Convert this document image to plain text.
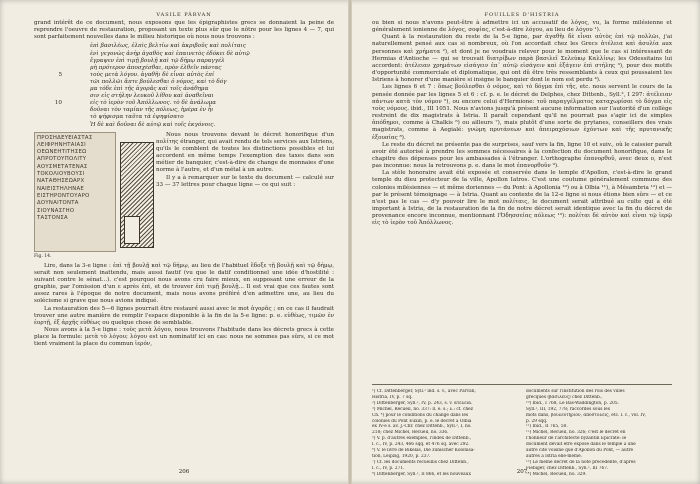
VASILE PÂRVAN

grand intérêt de ce document, nous exposons que les épigraphistes grecs se donnaient la peine de reprendre l'oeuvre de restauration, proposant un texte plus sûr que le nôtre pour les lignes 4 — 7, qui sont parfaitement nouvelles dans le milieu historique où nous nous trouvons :

ἐπὶ βασιλέως, ἐλπὶς βελτίω καὶ ἀκριβοῦς καὶ πολίταις
ἑνὶ γεγονὼς ἀνὴρ ἀγαθὸς καὶ ἐπαινετὸς ἐδόκει δὲ αὐτῷ
ἔγραψεν ἐπὶ τιμῇ βουλῇ καὶ τῷ δήμῳ παραγγέλ
μὴ πρότερον ἀποσχέσθαι, πρὸν ἐλθεῖν πάντας
5	τοὺς μετὰ λόγου. ἀγαθῆι δὲ εἶναι αὐτὸς ἐπί
τῶι πολλῶι ἄπτε βούλεσθαι ὁ νόμος, καὶ τὸ δόγ
μα τόδε ἐπὶ τῆς ἀγορᾶς καὶ τοῖς ἀνάθημα
σιν εἰς στήλην λευκοῦ λίθου καὶ ἀναθεῖναι
10	εἰς τὸ ἱερὸν τοῦ Ἀπόλλωνος. τὸ δὲ ἀνάλωμα
δοῦναι τὸν ταμίαν τῆς πόλεως, ἡμέρα ἐν ἧι
τὸ ψήφισμα ταῦτα τὰ ἐψηφίσατο
Ἡ δὲ καὶ δοῦναι δὲ αὐτῷ καὶ τοῖς ἐκγόνοις.
ΠΡΟΣΗΔΕΥΕΙΑΣΤΑΣ
ΛΕΙΦΡΗΝΗΤΑΙΑΣΙ
ΟΕΩΝΕΗΤΙΤΗΣΕΩ
ΑΠΡΟΤΟΥΠΟΛΙΤΥ
ΑΟΥΣΜΕΤΑΤΕΝΑΣ
ΤΟΚΟΛΙΟΥΒΟΥΣΙ
ΝΑΤΑΘΗΣΕΩΑΡΧ
ΝΑΙΕΙΣΤΗΛΗΝΑΕ
ΕΙΣΤΗΡΟΝΤΟΥΑΡΟ
ΔΟΥΝΑΙΤΟΝΤΑ
ΣΙΟΥΝΑΣΓΗΟ
ΤΑΣΤΟΝΣΑ
Fig. 14.

Nous nous trouvons devant le décret honorifique d'un πολίτης étranger, qui avait rendu de tels services aux Istriens, qu'ils le comblent de toutes les distinctions possibles et lui accordent en même temps l'exemption des taxes dans son métier de banquier, c'est-à-dire de change de monnaies d'une norme à l'autre, et d'un métal à un autre.

Il y a à remarquer sur le texte du document — calculé sur 33 — 37 lettres pour chaque ligne — ce qui suit :

Lire, dans la 3-e ligne : ἐπὶ τῇ βουλῇ καὶ τῷ δήμῳ, au lieu de l'habituel ἔδοξε τῇ βουλῇ καὶ τῷ δήμῳ, serait non seulement inattendu, mais aussi fautif (vu que le datif conditionnel une idée d'hostilité : suivant contre le sénat...). c'est pourquoi nous avons cru faire mieux, en supposant une erreur de la graphie, par l'omission d'un ε après ἐπὶ, et de trouver ἐπὶ τιμῇ βουλῇ... Il est vrai que ces fautes sont assez rares à l'époque de notre document, mais nous avons préféré d'en admettre une, au lieu du solécisme si grave que nous avions indiqué.

La restauration des 5—6 lignes pourrait être restauré aussi avec le mot ἀγορᾶς ; en ce cas il faudrait trouver une autre manière de remplir l'espace disponible à la fin de la 5-e ligne: p. e. εὐθέως, τιμῶν ἐν ἑορτῇ, ἐξ ἀρχῆς εὐθέως ou quelque chose de semblable.

Nous avons à la 5-e ligne : τοὺς μετὰ λόγου, nous trouvons l'habitude dans les décrets grecs à cette place la formule: μετὰ τὸ λόγου; λόγου est un nominatif ici en cas: nous ne sommes pas sûrs, si ce mot tient vraiment la place du commun ἱερόν,

206
FOUILLES D'HISTRIA

ou bien si nous n'avons peut-être à admettre ici un accusatif de λόγος, vu, la forme milésienne et généralement ionienne de λόγος, σοφίας, c'est-à-dire λόγου, au lieu de λόγου ¹).

Quant à la restauration du reste de la 5-e ligne, par ἀγαθῆι δὲ εἶναι αὐτὸς ἐπὶ τῷ πολλῶι, j'ai naturellement pensé aux cas si nombreux, où l'on accordait chez les Grecs ἀτέλεια καὶ ἀσυλία aux personnes καὶ χρήματα ²), et dont je ne voudrais relever pour le moment que le cas si intéressant de Hermias d'Antioche — qui se trouvait διατρίβων παρὰ βασιλεῖ Σελεύκῳ Καλλίνῳ; les Odessitains lui accordent: ἀτέλειαν χρημάτων εἰσάγειν ἐπ᾽ αὐτῷ εἰσάγειν καὶ ἐξάγειν ἐπὶ στήλης ³), pour des motifs d'opportunité commerciale et diplomatique, qui ont dû être très ressemblants à ceux qui poussaient les Istriens à honorer d'une manière si insigne le banquier dont le nom est perdu ⁴).

Les lignes 6 et 7 : ὅπως βούλεσθαι ὁ νόμος, καὶ τὸ δόγμα ἐπὶ τῆς, etc. nous servent le cours de la pensée donnée par les lignes 5 et 6 : cf. p. e. le décret de Delphes, chez Dittenb., Syll.², I 297: ἀτέλειαν πάντων κατὰ τὸν νόμον ⁵), ou encore celui d'Hermione: τοῦ παραγγέλματος καταχωρίσαι τὸ δόγμα εἰς τοὺς νόμους. ibid., III 1051. Nous n'avions jusqu'à présent aucune information sur l'autorité d'un collège restreint de dix magistrats à Istria. Il paraît cependant qu'il ne pourrait pas s'agir ici de simples ἀπόδημοι, comme à Chalkis ⁶) ou ailleurs ⁷), mais plutôt d'une sorte de prytanes, conseillers des vrais magistrats, comme à Aegialé: γνώμη πρυτάνεων καὶ ἀπειραχόσιων ἐχόντων καὶ τῆς πρυτανικῆς ἐξουσίας ⁸).

Le reste du décret ne présente pas de surprises, sauf vers la fin, ligne 10 et suiv., où le caissier paraît avoir été autorisé à prendre les sommes nécessaires à la confection du document honorifique, dans le chapitre des dépenses pour les ambassades à l'étranger. L'orthographe ἐπανορθοῦ, avec deux ο, n'est pas inconnue: nous la retrouvons p. e. dans le mot ἐπανορθοῦν ⁹).

La stèle honoraire avait été exposée et conservée dans le temple d'Apollon, c'est-à-dire le grand temple du dieu protecteur de la ville, Apollon Iatros. C'est une coutume généralement commune des colonies milésiennes — et même doriennes — du Pont: à Apollonia ¹⁰) ou à Olbia ¹¹), à Mésambria ¹²) et — par le présent témoignage — à Istria. Quant au contexte de la 12-e ligne si nous étions bien sûrs — et ce n'est pas le cas — d'y pouvoir lire le mot πολίταις, le document serait attribué au culte qui a été important à Istria, de la restauration de la fin de notre décret serait identique avec la fin du décret de provenance encore inconnue, mentionnant l'Ὀδησσείας πόλεως ¹³): πολίται δὲ αὐτὸν καὶ εἶναι τῷ ἱερῷ εἰς τὸ ἱερὸν τοῦ Ἀπόλλωνος.

¹) Cf. Dittenberger, Syll.² ind. s. v., avec Părvan,
Histria, IV, p. 7 sq.
²) Dittenberger, Syll.², IV, p. 243, s. v. ἀτέλεια.
³) Michel, Recueil, no. 337: ll. e. s.; λ.: cf. chez
Ch. ⁴) pour le conditions du change dans les
colonies du Pont Euxin, p. e. le décret à Olbia
ex IV-e s. av. J.-Chr. chez Dittenb., Syll.², I, no.
218; chez Michel, Recueil, no. 336.
⁵) V. p. d'autres exemples, l'index de Dittenb.,
l. c., IV, p. 243, 466 sqq. et 476 sq. avec 292.
⁶) V. le livre de Bikélas, Die zunischer Kolonisa-
tion, Leipzig, 1920, p. 237.
⁷) Cf. les documents recueillis chez Dittenb.,
l. c., IV, p. 271.
⁸) Dittenberger, Syll.², II 866, et les nouveaux
documents sur l'institution des rois des villes
grecques (βασιλεὺς) chez Dittenb.,
¹⁰) Ibid., I 768, Le Bas-Waddington, p. 205.
Syll.², III, 192, 778; raccordés sous les
mots dans, βουλευτήριον, ἀποστολεῖς, etc. l. c., vol. IV,
p. 29 sqq.
¹¹) Ibid., II 765, 50.
¹²) Michel, Recueil, no. 326; c'est le décret en
l'honneur de l'architecte byzantin Epicrate: le
document devait être exposé dans le temple à une
autre cité voisine que d'Apollon du Pont, — autre
autres à Istria elle-même.
¹³) Le même décret de la note précédente, d'après
Fiebiger, chez Dittenb., Syll.², III 767.
¹⁴) Michel, Recueil, no. 329.
207
